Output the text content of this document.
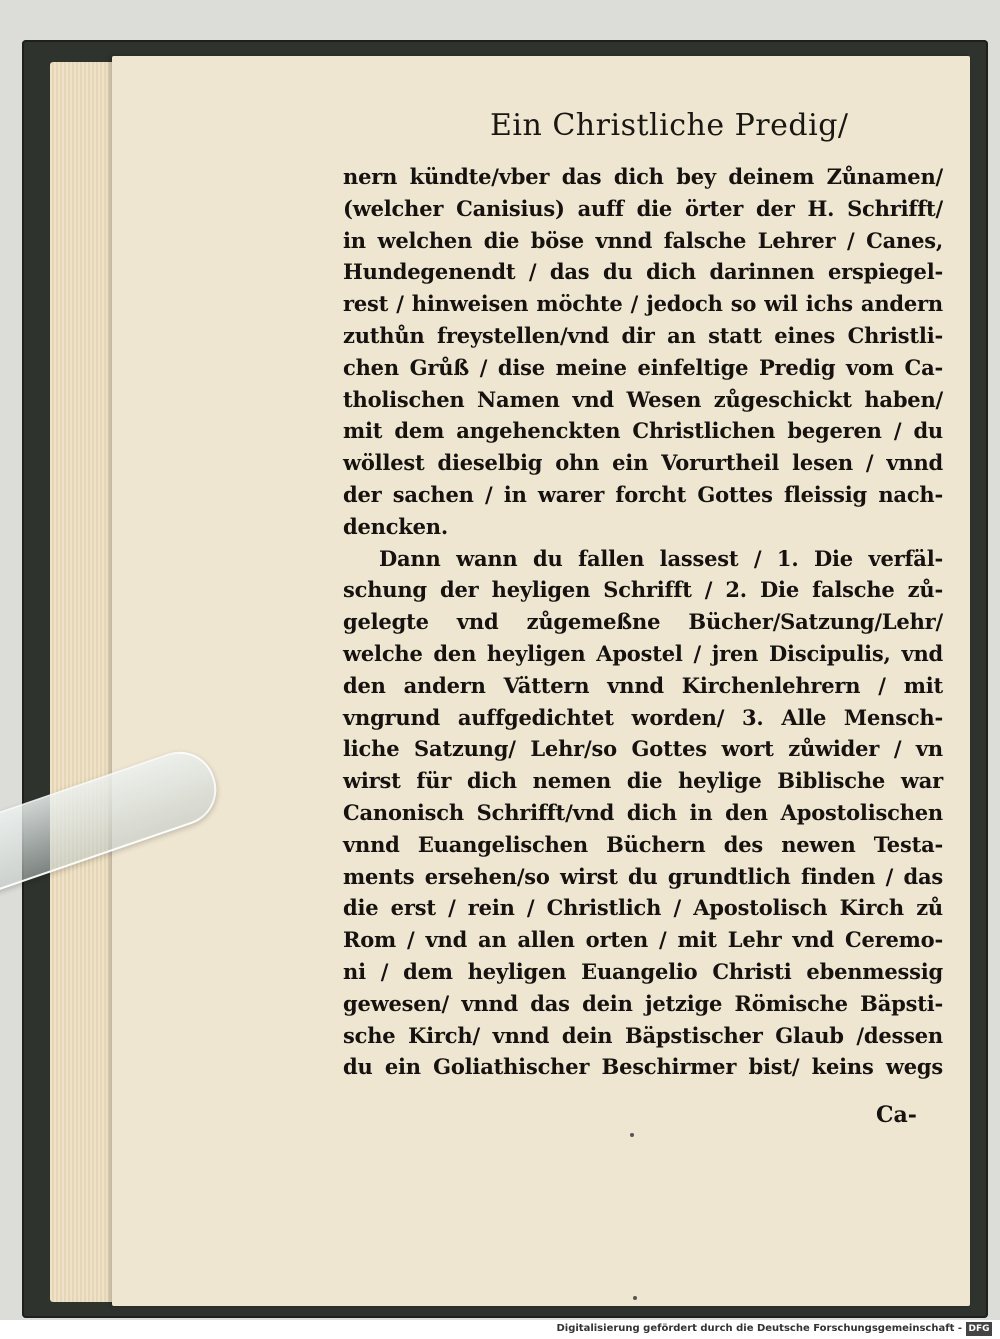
Ein Christliche Predig/
nern kündte/vber das dich bey deinem Zůnamen/
(welcher Canisius) auff die örter der H. Schrifft/
in welchen die böse vnnd falsche Lehrer / Canes,
Hundegenendt / das du dich darinnen erspiegel-
rest / hinweisen möchte / jedoch so wil ichs andern
zuthůn freystellen/vnd dir an statt eines Christli-
chen Grůß / dise meine einfeltige Predig vom Ca-
tholischen Namen vnd Wesen zůgeschickt haben/
mit dem angehenckten Christlichen begeren / du
wöllest dieselbig ohn ein Vorurtheil lesen / vnnd
der sachen / in warer forcht Gottes fleissig nach-
dencken.
Dann wann du fallen lassest / 1. Die verfäl-
schung der heyligen Schrifft / 2. Die falsche zů-
gelegte vnd zůgemeßne Bücher/Satzung/Lehr/
welche den heyligen Apostel / jren Discipulis, vnd
den andern Vättern vnnd Kirchenlehrern / mit
vngrund auffgedichtet worden/ 3. Alle Mensch-
liche Satzung/ Lehr/so Gottes wort zůwider / vn
wirst für dich nemen die heylige Biblische war
Canonisch Schrifft/vnd dich in den Apostolischen
vnnd Euangelischen Büchern des newen Testa-
ments ersehen/so wirst du grundtlich finden / das
die erst / rein / Christlich / Apostolisch Kirch zů
Rom / vnd an allen orten / mit Lehr vnd Ceremo-
ni / dem heyligen Euangelio Christi ebenmessig
gewesen/ vnnd das dein jetzige Römische Bäpsti-
sche Kirch/ vnnd dein Bäpstischer Glaub /dessen
du ein Goliathischer Beschirmer bist/ keins wegs
Ca-
Digitalisierung gefördert durch die Deutsche Forschungsgemeinschaft - DFG
